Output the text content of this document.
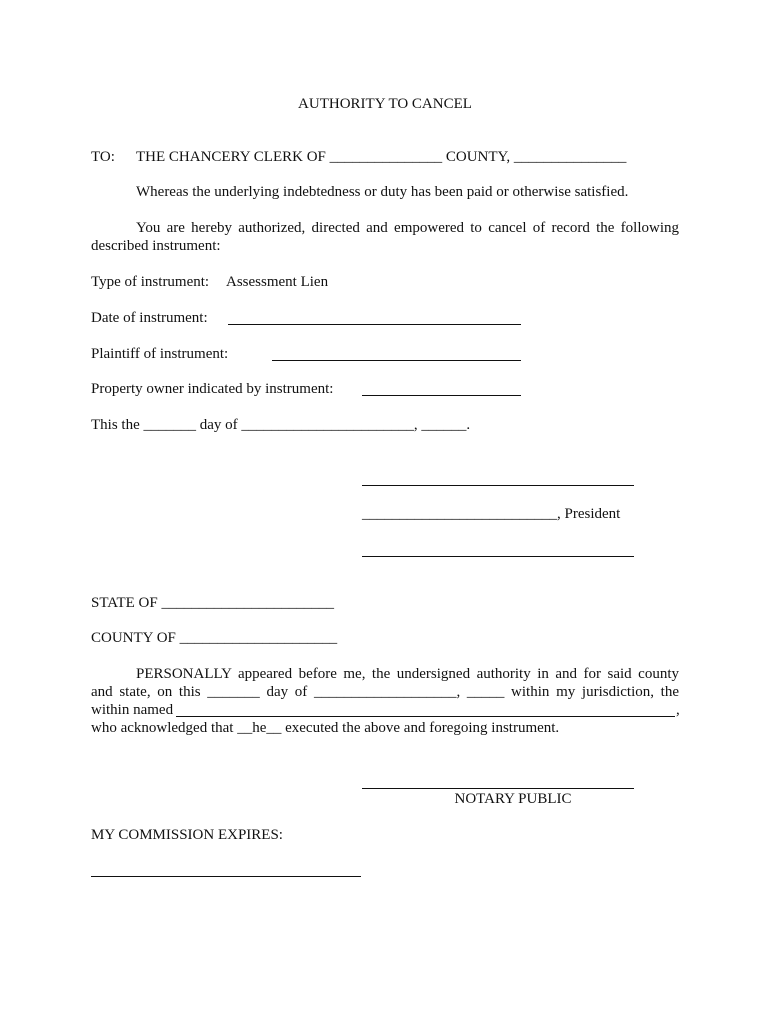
AUTHORITY TO CANCEL
TO: THE CHANCERY CLERK OF _______________ COUNTY, _______________
Whereas the underlying indebtedness or duty has been paid or otherwise satisfied.
You are hereby authorized, directed and empowered to cancel of record the following
described instrument:
Type of instrument: Assessment Lien
Date of instrument:
Plaintiff of instrument:
Property owner indicated by instrument:
This the _______ day of _______________________, ______.
__________________________, President
STATE OF _______________________
COUNTY OF _____________________
PERSONALLY appeared before me, the undersigned authority in and for said county
and state, on this _______ day of ___________________, _____ within my jurisdiction, the
within named	,
who acknowledged that __he__ executed the above and foregoing instrument.
NOTARY PUBLIC
MY COMMISSION EXPIRES:
